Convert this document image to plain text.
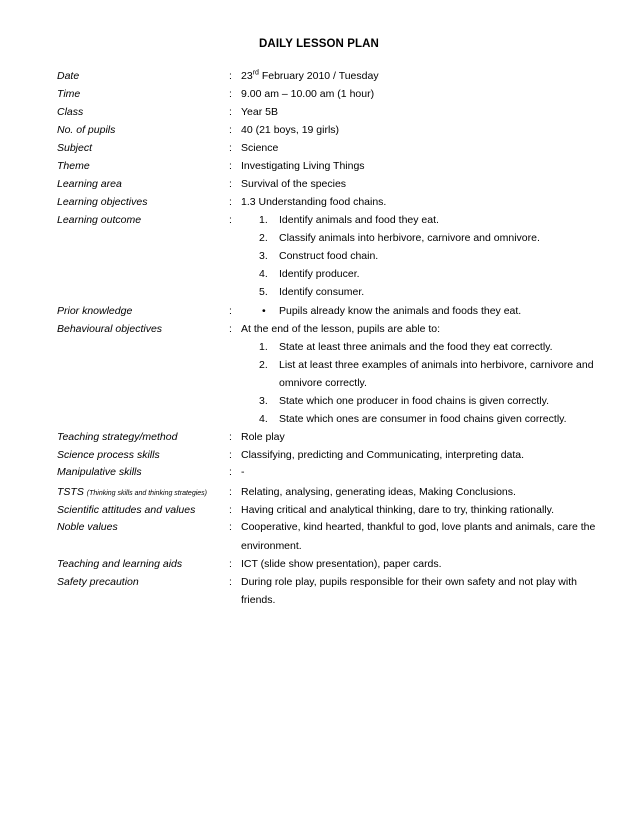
DAILY LESSON PLAN
Date	: 23rd February 2010 / Tuesday
Time	: 9.00 am – 10.00 am (1 hour)
Class	: Year 5B
No. of pupils	: 40 (21 boys, 19 girls)
Subject	: Science
Theme	: Investigating Living Things
Learning area	: Survival of the species
Learning objectives	: 1.3 Understanding food chains.
Learning outcome	:	1. Identify animals and food they eat.
2. Classify animals into herbivore, carnivore and omnivore.
3. Construct food chain.
4. Identify producer.
5. Identify consumer.
Prior knowledge	:	• Pupils already know the animals and foods they eat.
Behavioural objectives	: At the end of the lesson, pupils are able to:
1. State at least three animals and the food they eat correctly.
2. List at least three examples of animals into herbivore, carnivore and
omnivore correctly.
3. State which one producer in food chains is given correctly.
4. State which ones are consumer in food chains given correctly.
Teaching strategy/method	: Role play
Science process skills	: Classifying, predicting and Communicating, interpreting data.
Manipulative skills	: -
TSTS (Thinking skills and thinking strategies) : Relating, analysing, generating ideas, Making Conclusions.
Scientific attitudes and values	: Having critical and analytical thinking, dare to try, thinking rationally.
Noble values	: Cooperative, kind hearted, thankful to god, love plants and animals, care the
environment.
Teaching and learning aids	: ICT (slide show presentation), paper cards.
Safety precaution	: During role play, pupils responsible for their own safety and not play with
friends.
